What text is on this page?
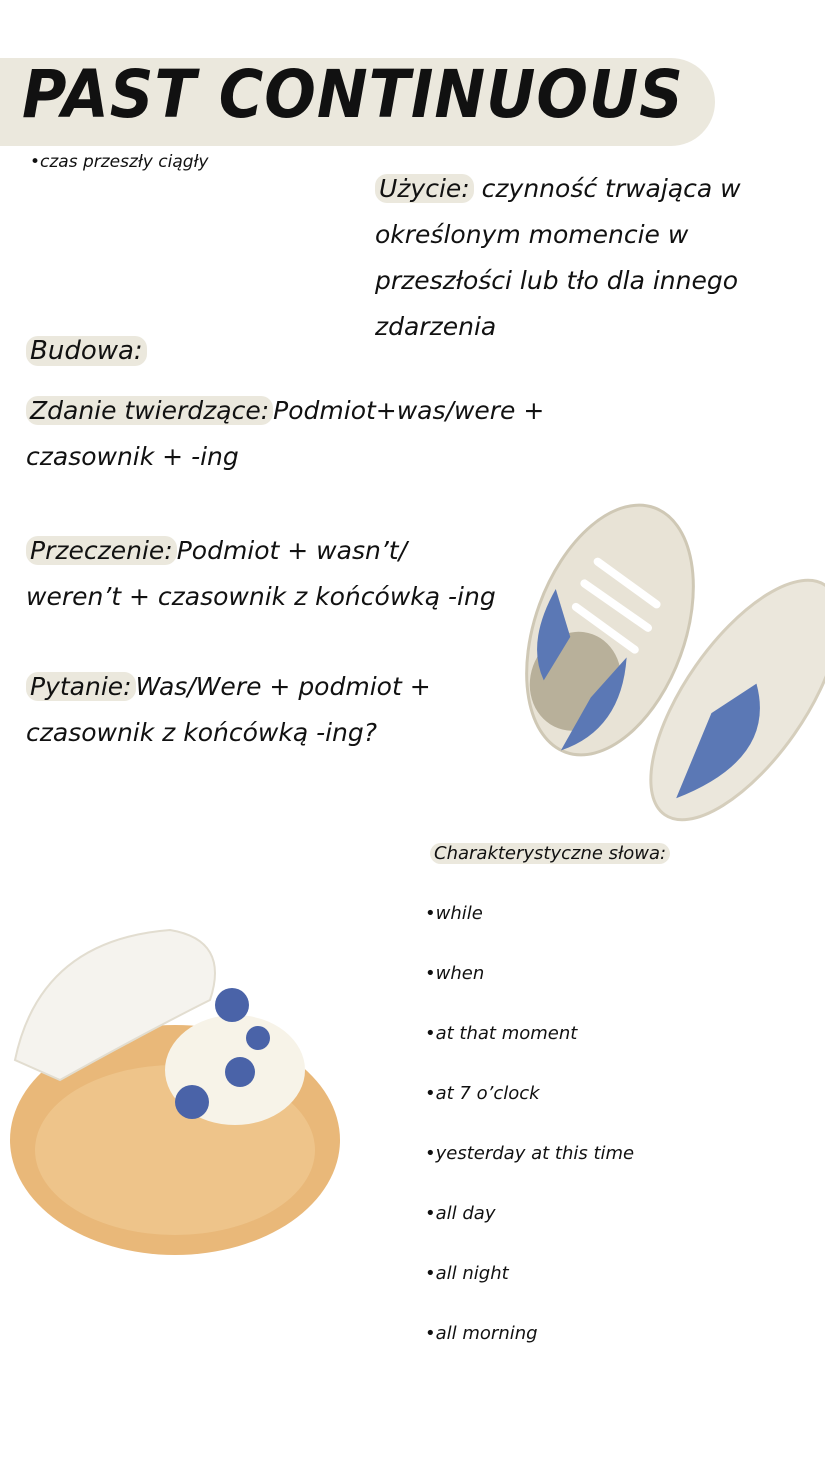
PAST CONTINUOUS
•czas przeszły ciągły
Użycie: czynność trwająca w określonym momencie w przeszłości lub tło dla innego zdarzenia
Budowa:
Zdanie twierdzące: Podmiot+was/were + czasownik + -ing
Przeczenie: Podmiot + wasn’t/ weren’t + czasownik z końcówką -ing
Pytanie: Was/Were + podmiot + czasownik z końcówką -ing?
Charakterystyczne słowa:
•while
•when
•at that moment
•at 7 o’clock
•yesterday at this time
•all day
•all night
•all morning
